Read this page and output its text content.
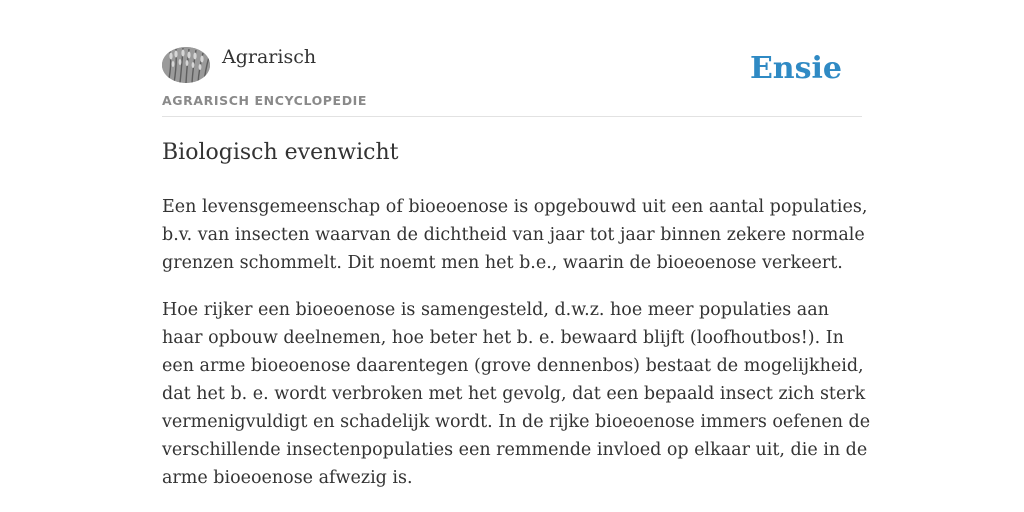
Agrarisch
AGRARISCH ENCYCLOPEDIE
Ensie
Biologisch evenwicht

Een levensgemeenschap of bioeoenose is opgebouwd uit een aantal populaties, b.v. van insecten waarvan de dichtheid van jaar tot jaar binnen zekere normale grenzen schommelt. Dit noemt men het b.e., waarin de bioeoenose verkeert.

Hoe rijker een bioeoenose is samengesteld, d.w.z. hoe meer populaties aan haar opbouw deelnemen, hoe beter het b. e. bewaard blijft (loofhoutbos!). In een arme bioeoenose daarentegen (grove dennenbos) bestaat de mogelijkheid, dat het b. e. wordt verbroken met het gevolg, dat een bepaald insect zich sterk vermenigvuldigt en schadelijk wordt. In de rijke bioeoenose immers oefenen de verschillende insectenpopulaties een remmende invloed op elkaar uit, die in de arme bioeoenose afwezig is.
